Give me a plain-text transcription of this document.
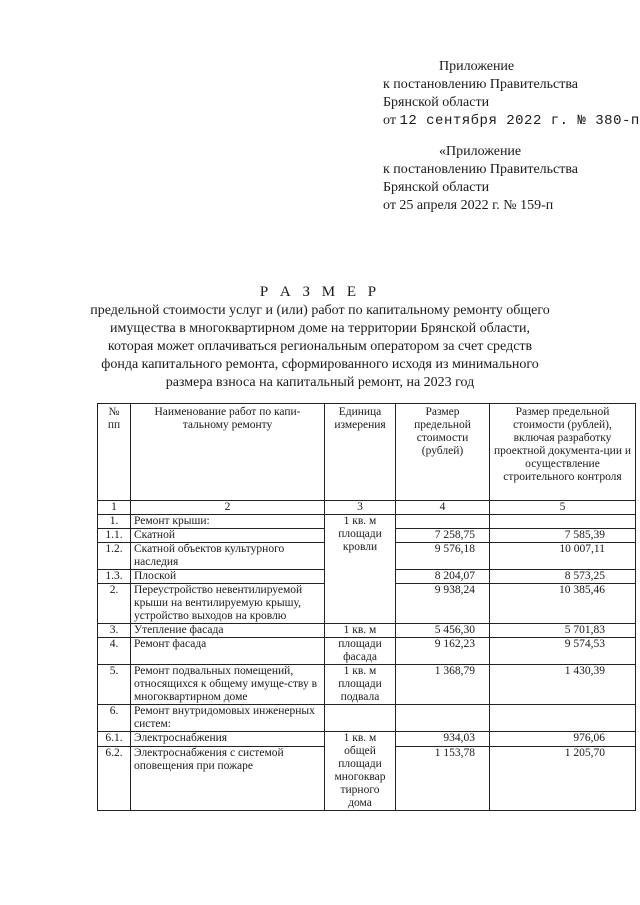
Приложение
к постановлению Правительства
Брянской области
от 12 сентября 2022 г. № 380-п
«Приложение
к постановлению Правительства
Брянской области
от 25 апреля 2022 г. № 159-п
Р А З М Е Р
предельной стоимости услуг и (или) работ по капитальному ремонту общего
имущества в многоквартирном доме на территории Брянской области,
которая может оплачиваться региональным оператором за счет средств
фонда капитального ремонта, сформированного исходя из минимального
размера взноса на капитальный ремонт, на 2023 год
№ пп	Наименование работ по капи-тальному ремонту	Единица измерения	Размер предельной стоимости (рублей)	Размер предельной стоимости (рублей), включая разработку проектной документа-ции и осуществление строительного контроля
1	2	3	4	5
1.	Ремонт крыши:	1 кв. м площади кровли		
1.1.	Скатной		7 258,75	7 585,39
1.2.	Скатной объектов культурного наследия		9 576,18	10 007,11
1.3.	Плоской		8 204,07	8 573,25
2.	Переустройство невентилируемой крыши на вентилируемую крышу, устройство выходов на кровлю		9 938,24	10 385,46
3.	Утепление фасада	1 кв. м	5 456,30	5 701,83
4.	Ремонт фасада	площади фасада	9 162,23	9 574,53
5.	Ремонт подвальных помещений, относящихся к общему имуще-ству в многоквартирном доме	1 кв. м площади подвала	1 368,79	1 430,39
6.	Ремонт внутридомовых инженерных систем:			
6.1.	Электроснабжения	1 кв. м общей площади многоквар тирного дома	934,03	976,06
6.2.	Электроснабжения с системой оповещения при пожаре		1 153,78	1 205,70
